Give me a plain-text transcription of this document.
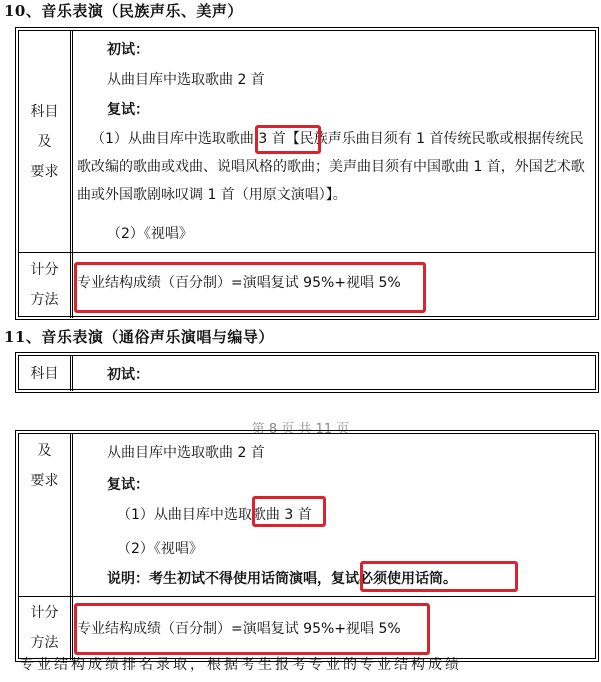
10、音乐表演（民族声乐、美声）
科目
及
要求
初试：
从曲目库中选取歌曲 2 首
复试：
（1）从曲目库中选取歌曲 3 首【民族声乐曲目须有 1 首传统民歌或根据传统民歌改编的歌曲或戏曲、说唱风格的歌曲；美声曲目须有中国歌曲 1 首，外国艺术歌曲或外国歌剧咏叹调 1 首（用原文演唱）】。
（2）《视唱》
计分
方法
专业结构成绩（百分制）=演唱复试 95%+视唱 5%
11、音乐表演（通俗声乐演唱与编导）
科目	初试：
第 8 页 共 11 页
及
要求
从曲目库中选取歌曲 2 首
复试：
（1）从曲目库中选取歌曲 3 首
（2）《视唱》
说明：考生初试不得使用话筒演唱，复试必须使用话筒。
计分
方法
专业结构成绩（百分制）=演唱复试 95%+视唱 5%
专业结构成绩排名录取，根据考生报考专业的专业结构成绩
